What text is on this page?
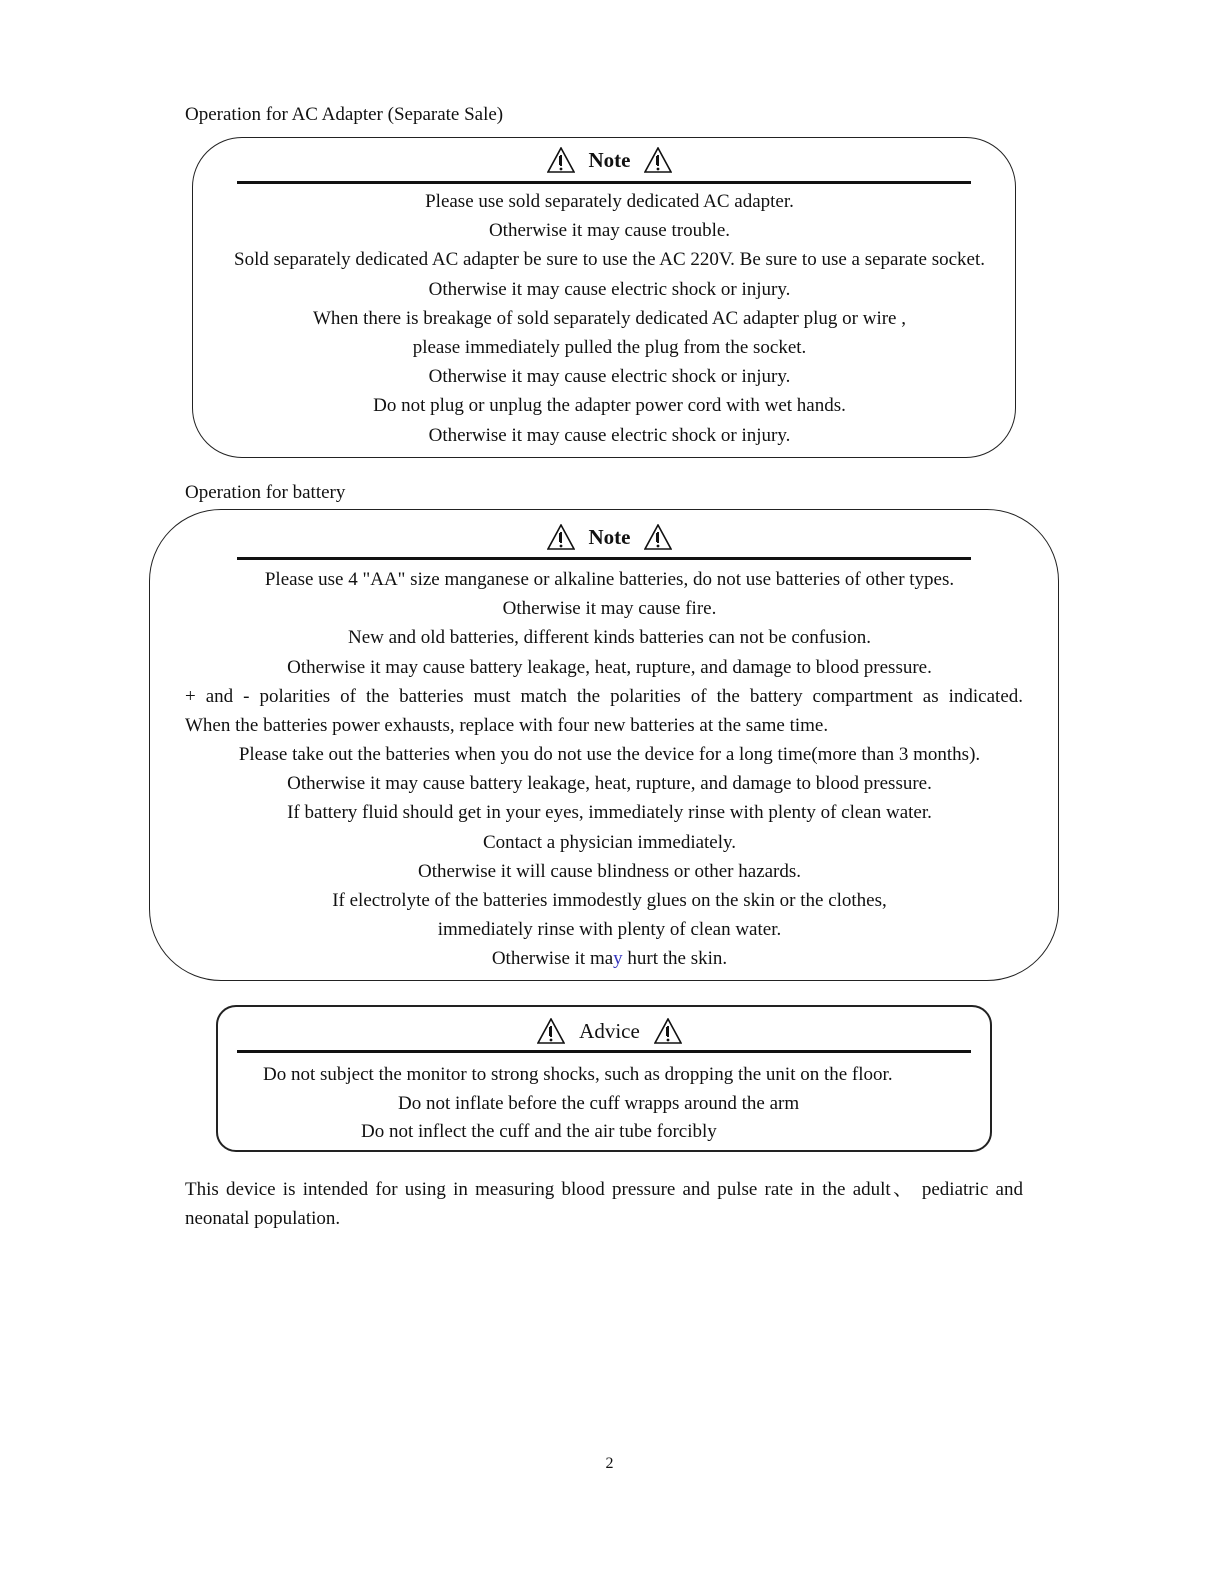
Operation for AC Adapter (Separate Sale)
Note
Please use sold separately dedicated AC adapter.
Otherwise it may cause trouble.
Sold separately dedicated AC adapter be sure to use the AC 220V. Be sure to use a separate socket.
Otherwise it may cause electric shock or injury.
When there is breakage of sold separately dedicated AC adapter plug or wire ,
please immediately pulled the plug from the socket.
Otherwise it may cause electric shock or injury.
Do not plug or unplug the adapter power cord with wet hands.
Otherwise it may cause electric shock or injury.
Operation for battery
Note
Please use 4 "AA" size manganese or alkaline batteries, do not use batteries of other types.
Otherwise it may cause fire.
New and old batteries, different kinds batteries can not be confusion.
Otherwise it may cause battery leakage, heat, rupture, and damage to blood pressure.
+ and - polarities of the batteries must match the polarities of the battery compartment as indicated.
When the batteries power exhausts, replace with four new batteries at the same time.
Please take out the batteries when you do not use the device for a long time(more than 3 months).
Otherwise it may cause battery leakage, heat, rupture, and damage to blood pressure.
If battery fluid should get in your eyes, immediately rinse with plenty of clean water.
Contact a physician immediately.
Otherwise it will cause blindness or other hazards.
If electrolyte of the batteries immodestly glues on the skin or the clothes,
immediately rinse with plenty of clean water.
Otherwise it may hurt the skin.
Advice
Do not subject the monitor to strong shocks, such as dropping the unit on the floor.
Do not inflate before the cuff wrapps around the arm
Do not inflect the cuff and the air tube forcibly
This device is intended for using in measuring blood pressure and pulse rate in the adult、 pediatric and
neonatal population.
2
